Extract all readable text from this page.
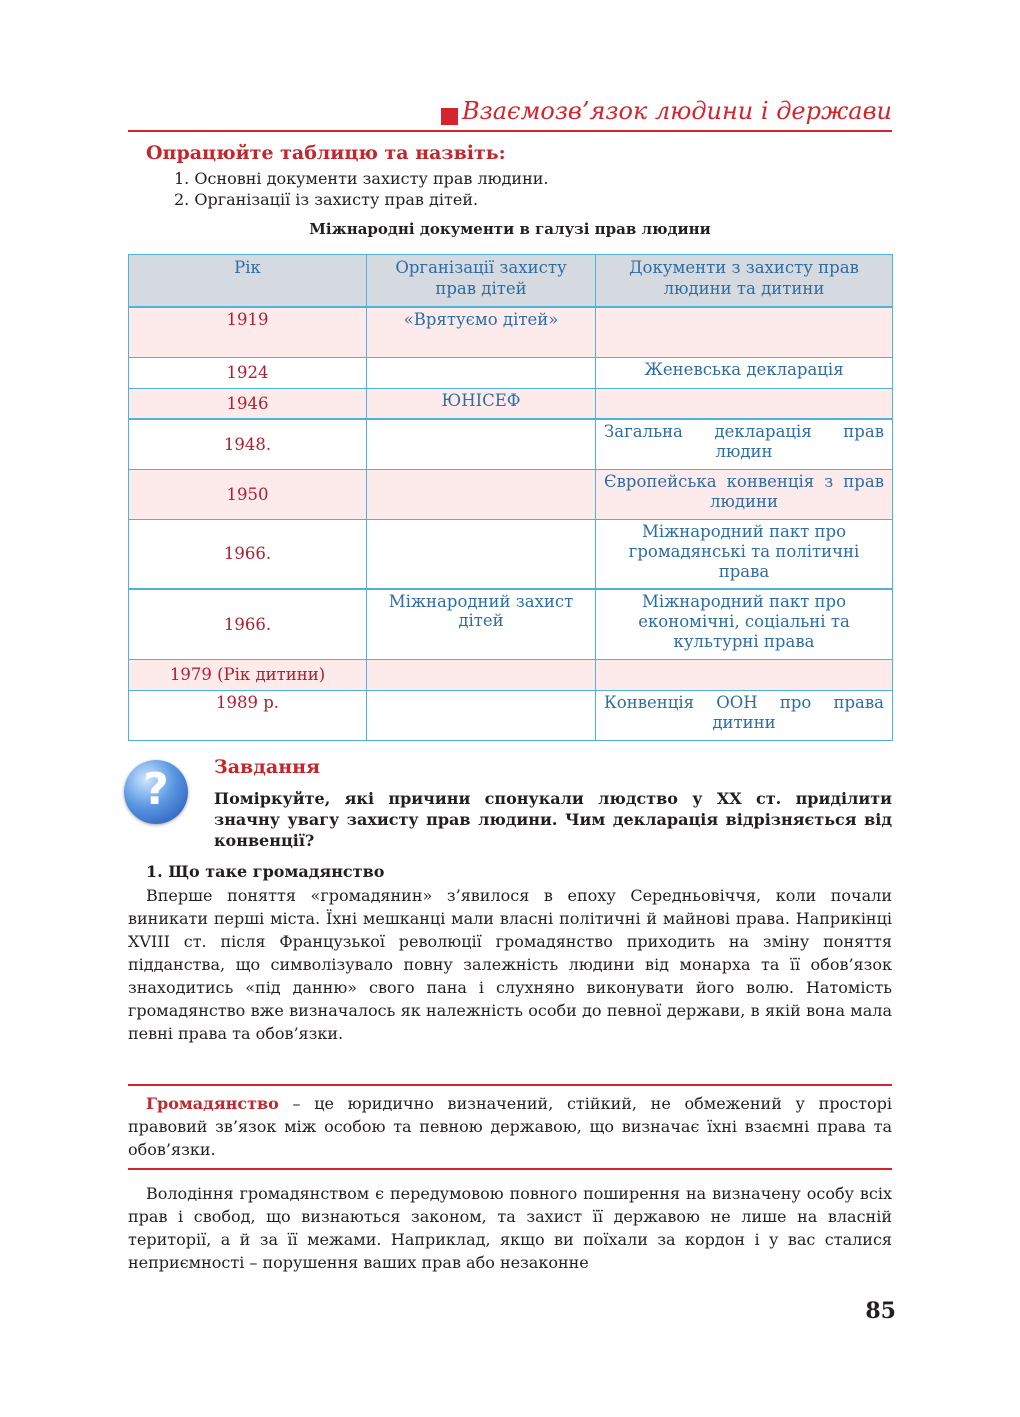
Взаємозв’язок людини і держави
Опрацюйте таблицю та назвіть:
1. Основні документи захисту прав людини.
2. Організації із захисту прав дітей.
Міжнародні документи в галузі прав людини
Рік	Організації захисту прав дітей	Документи з захисту прав людини та дитини
1919	«Врятуємо дітей»	
1924		Женевська декларація
1946	ЮНІСЕФ	
1948.		Загальна декларація прав людин
1950		Європейська конвенція з прав людини
1966.		Міжнародний пакт про громадянські та політичні права
1966.	Міжнародний захист дітей	Міжнародний пакт про економічні, соціальні та культурні права
1979 (Рік дитини)		
1989 р.		Конвенція ООН про права дитини
?	Завдання
Поміркуйте, які причини спонукали людство у XX ст. приділити значну увагу захисту прав людини. Чим декларація відрізняється від конвенції?
1. Що таке громадянство
Вперше поняття «громадянин» з’явилося в епоху Середньовіччя, коли почали виникати перші міста. Їхні мешканці мали власні політичні й майнові права. Наприкінці XVIII ст. після Французької революції громадянство приходить на зміну поняття підданства, що символізувало повну залежність людини від монарха та її обов’язок знаходитись «під данню» свого пана і слухняно виконувати його волю. Натомість громадянство вже визначалось як належність особи до певної держави, в якій вона мала певні права та обов’язки.
Громадянство – це юридично визначений, стійкий, не обмежений у просторі правовий зв’язок між особою та певною державою, що визначає їхні взаємні права та обов’язки.
Володіння громадянством є передумовою повного поширення на визначену особу всіх прав і свобод, що визнаються законом, та захист її державою не лише на власній території, а й за її межами. Наприклад, якщо ви поїхали за кордон і у вас сталися неприємності – порушення ваших прав або незаконне
85
